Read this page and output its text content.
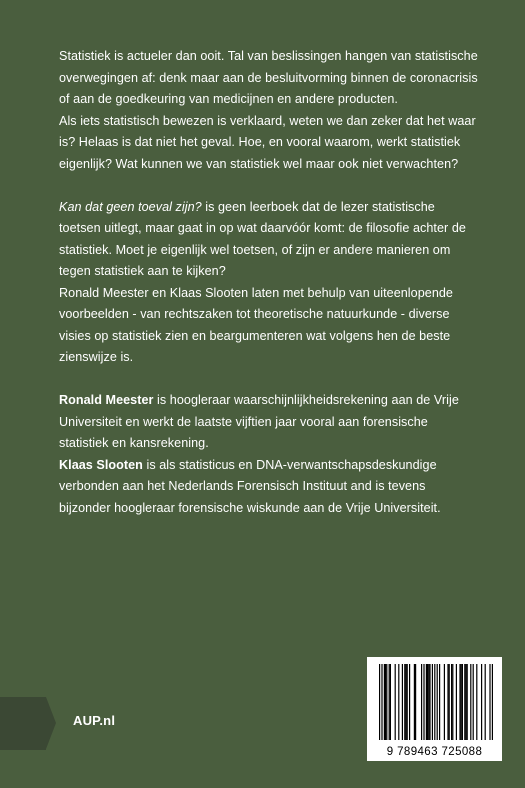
Statistiek is actueler dan ooit. Tal van beslissingen hangen van statistische overwegingen af: denk maar aan de besluitvorming binnen de coronacrisis of aan de goedkeuring van medicijnen en andere producten.

Als iets statistisch bewezen is verklaard, weten we dan zeker dat het waar is? Helaas is dat niet het geval. Hoe, en vooral waarom, werkt statistiek eigenlijk? Wat kunnen we van statistiek wel maar ook niet verwachten?

Kan dat geen toeval zijn? is geen leerboek dat de lezer statistische toetsen uitlegt, maar gaat in op wat daarvóór komt: de filosofie achter de statistiek. Moet je eigenlijk wel toetsen, of zijn er andere manieren om tegen statistiek aan te kijken?

Ronald Meester en Klaas Slooten laten met behulp van uiteenlopende voorbeelden - van rechtszaken tot theoretische natuurkunde - diverse visies op statistiek zien en beargumenteren wat volgens hen de beste zienswijze is.

Ronald Meester is hoogleraar waarschijnlijkheidsrekening aan de Vrije Universiteit en werkt de laatste vijftien jaar vooral aan forensische statistiek en kansrekening.

Klaas Slooten is als statisticus en DNA-verwantschapsdeskundige verbonden aan het Nederlands Forensisch Instituut and is tevens bijzonder hoogleraar forensische wiskunde aan de Vrije Universiteit.

AUP.nl
9 789463 725088
